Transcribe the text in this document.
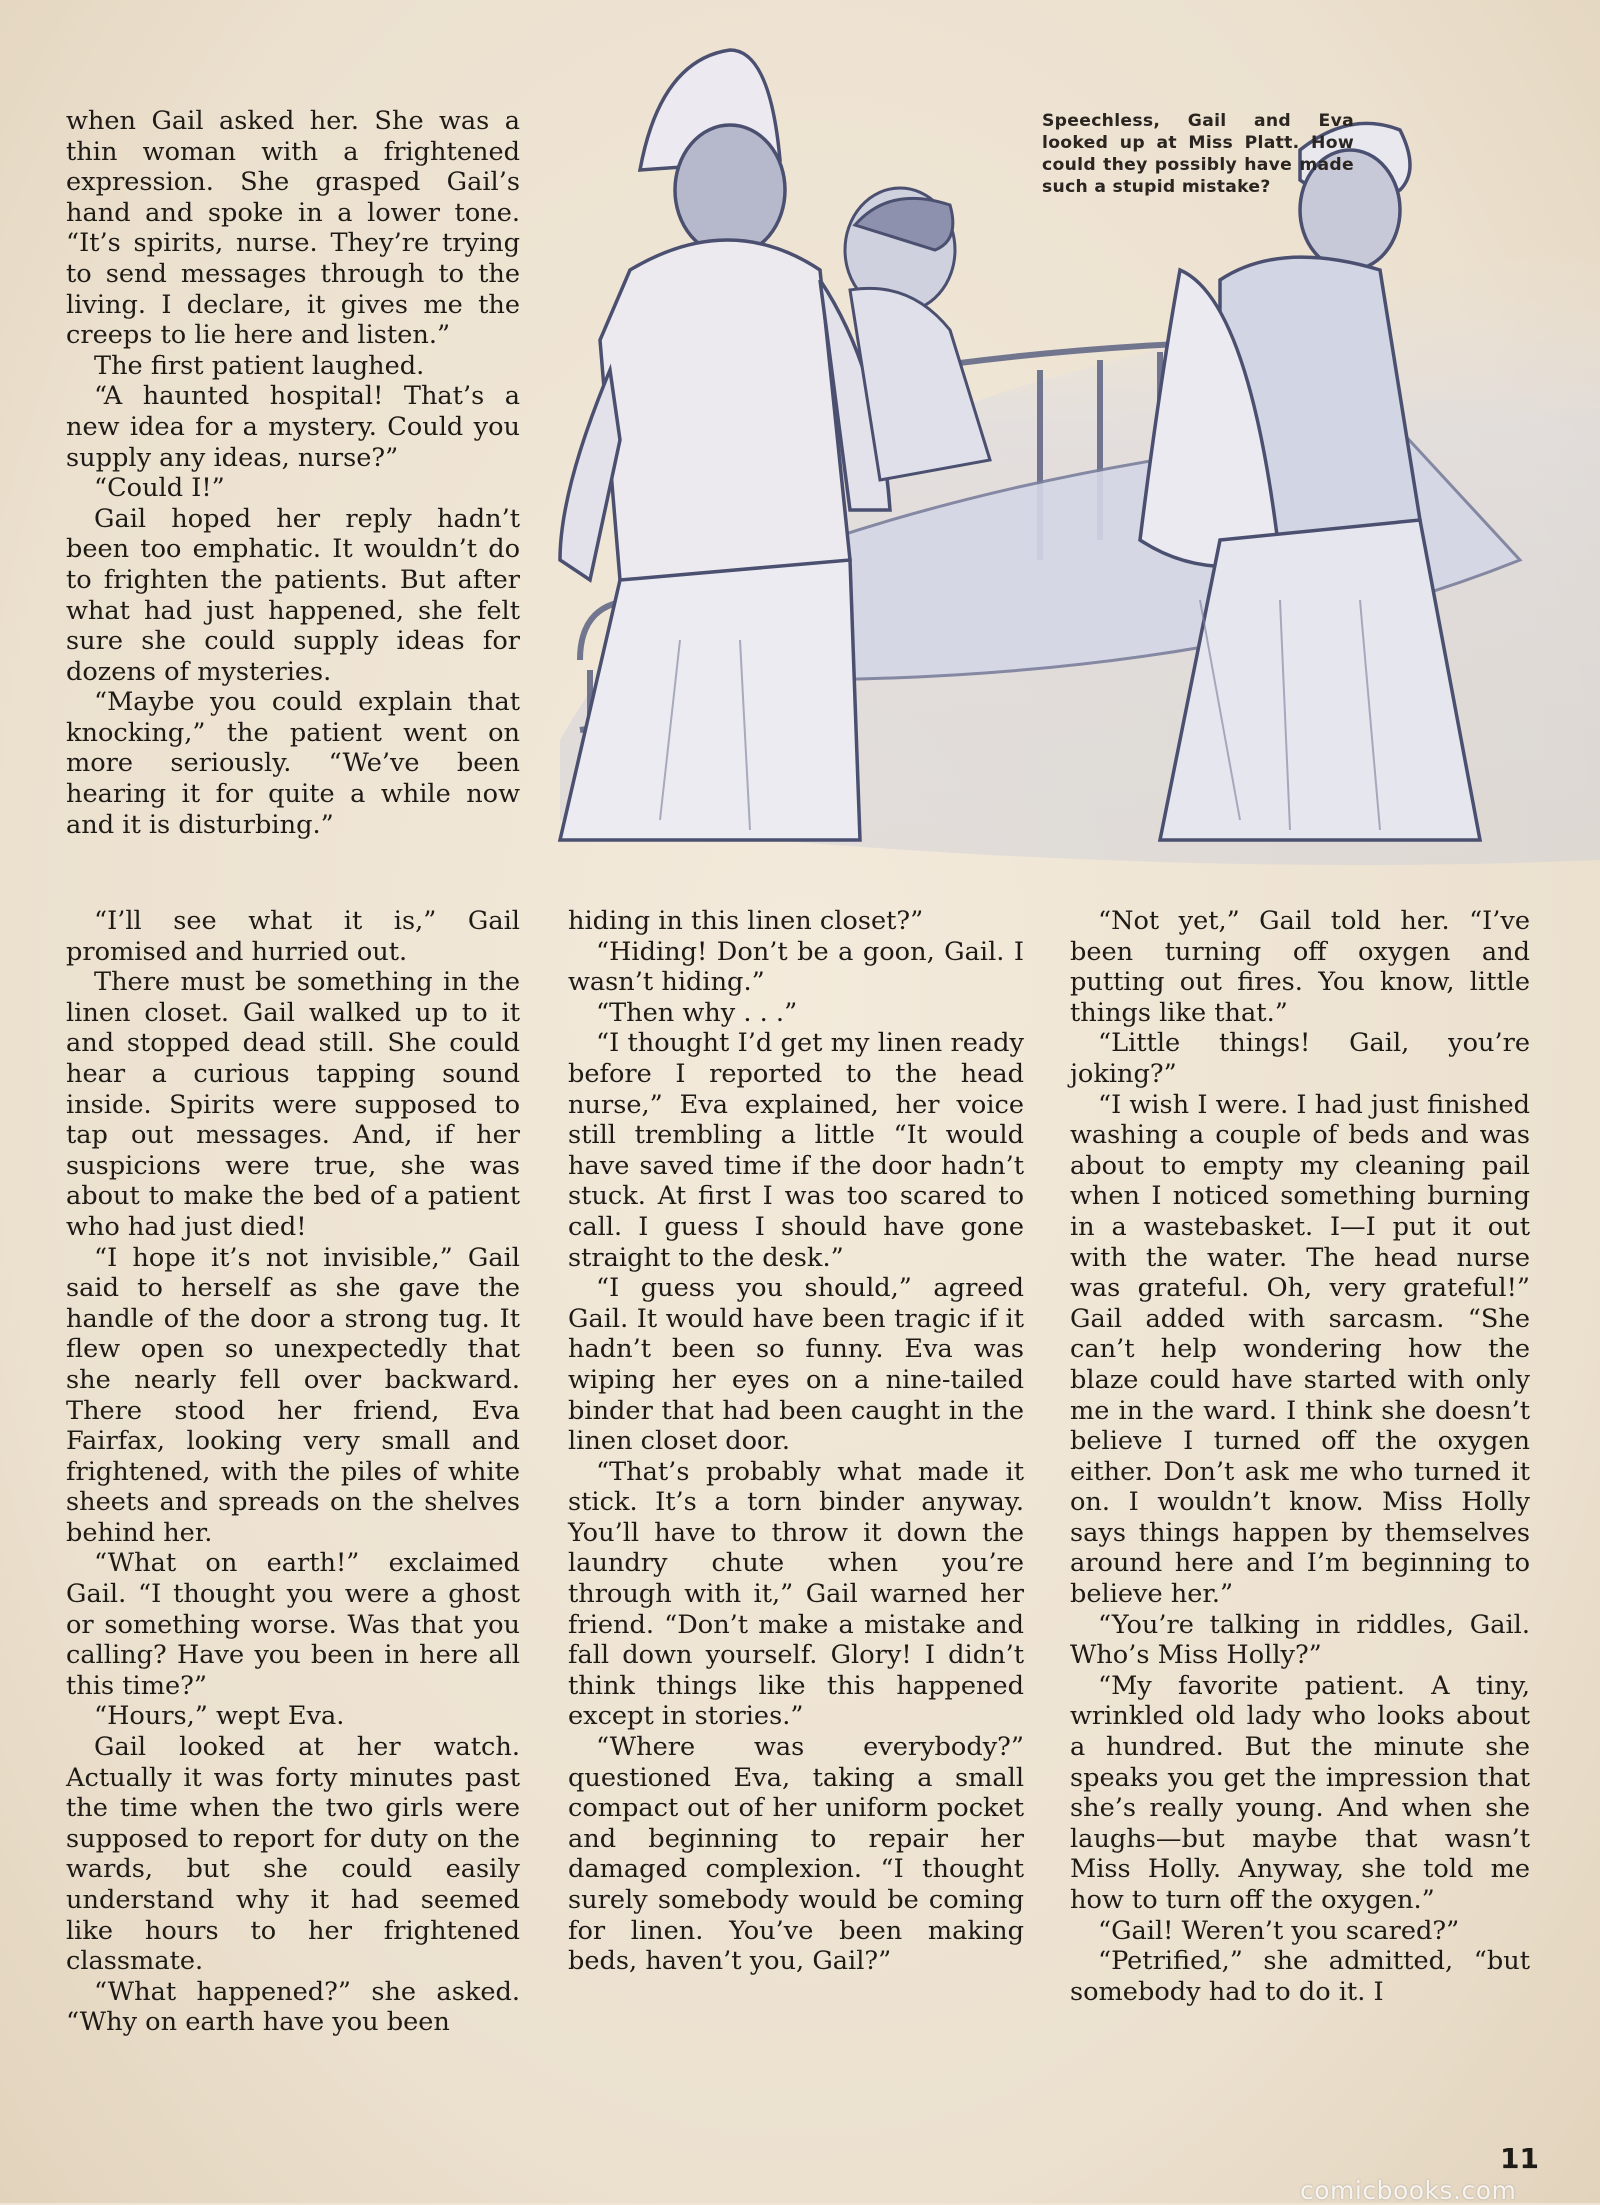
Speechless, Gail and Eva looked up at Miss Platt. How could they possibly have made such a stupid mistake?

when Gail asked her. She was a thin woman with a frightened expression. She grasped Gail’s hand and spoke in a lower tone. “It’s spirits, nurse. They’re trying to send messages through to the living. I declare, it gives me the creeps to lie here and listen.”

The first patient laughed.

“A haunted hospital! That’s a new idea for a mystery. Could you supply any ideas, nurse?”

“Could I!”

Gail hoped her reply hadn’t been too emphatic. It wouldn’t do to frighten the patients. But after what had just happened, she felt sure she could supply ideas for dozens of mysteries.

“Maybe you could explain that knocking,” the patient went on more seriously. “We’ve been hearing it for quite a while now and it is disturbing.”

“I’ll see what it is,” Gail promised and hurried out.

There must be something in the linen closet. Gail walked up to it and stopped dead still. She could hear a curious tapping sound inside. Spirits were supposed to tap out messages. And, if her suspicions were true, she was about to make the bed of a patient who had just died!

“I hope it’s not invisible,” Gail said to herself as she gave the handle of the door a strong tug. It flew open so unexpectedly that she nearly fell over backward. There stood her friend, Eva Fairfax, looking very small and frightened, with the piles of white sheets and spreads on the shelves behind her.

“What on earth!” exclaimed Gail. “I thought you were a ghost or something worse. Was that you calling? Have you been in here all this time?”

“Hours,” wept Eva.

Gail looked at her watch. Actually it was forty minutes past the time when the two girls were supposed to report for duty on the wards, but she could easily understand why it had seemed like hours to her frightened classmate.

“What happened?” she asked. “Why on earth have you been

hiding in this linen closet?”

“Hiding! Don’t be a goon, Gail. I wasn’t hiding.”

“Then why . . .”

“I thought I’d get my linen ready before I reported to the head nurse,” Eva explained, her voice still trembling a little “It would have saved time if the door hadn’t stuck. At first I was too scared to call. I guess I should have gone straight to the desk.”

“I guess you should,” agreed Gail. It would have been tragic if it hadn’t been so funny. Eva was wiping her eyes on a nine-tailed binder that had been caught in the linen closet door.

“That’s probably what made it stick. It’s a torn binder anyway. You’ll have to throw it down the laundry chute when you’re through with it,” Gail warned her friend. “Don’t make a mistake and fall down yourself. Glory! I didn’t think things like this happened except in stories.”

“Where was everybody?” questioned Eva, taking a small compact out of her uniform pocket and beginning to repair her damaged complexion. “I thought surely somebody would be coming for linen. You’ve been making beds, haven’t you, Gail?”

“Not yet,” Gail told her. “I’ve been turning off oxygen and putting out fires. You know, little things like that.”

“Little things! Gail, you’re joking?”

“I wish I were. I had just finished washing a couple of beds and was about to empty my cleaning pail when I noticed something burning in a wastebasket. I—I put it out with the water. The head nurse was grateful. Oh, very grateful!” Gail added with sarcasm. “She can’t help wondering how the blaze could have started with only me in the ward. I think she doesn’t believe I turned off the oxygen either. Don’t ask me who turned it on. I wouldn’t know. Miss Holly says things happen by themselves around here and I’m beginning to believe her.”

“You’re talking in riddles, Gail. Who’s Miss Holly?”

“My favorite patient. A tiny, wrinkled old lady who looks about a hundred. But the minute she speaks you get the impression that she’s really young. And when she laughs—but maybe that wasn’t Miss Holly. Anyway, she told me how to turn off the oxygen.”

“Gail! Weren’t you scared?”

“Petrified,” she admitted, “but somebody had to do it. I

11
comicbooks.com
